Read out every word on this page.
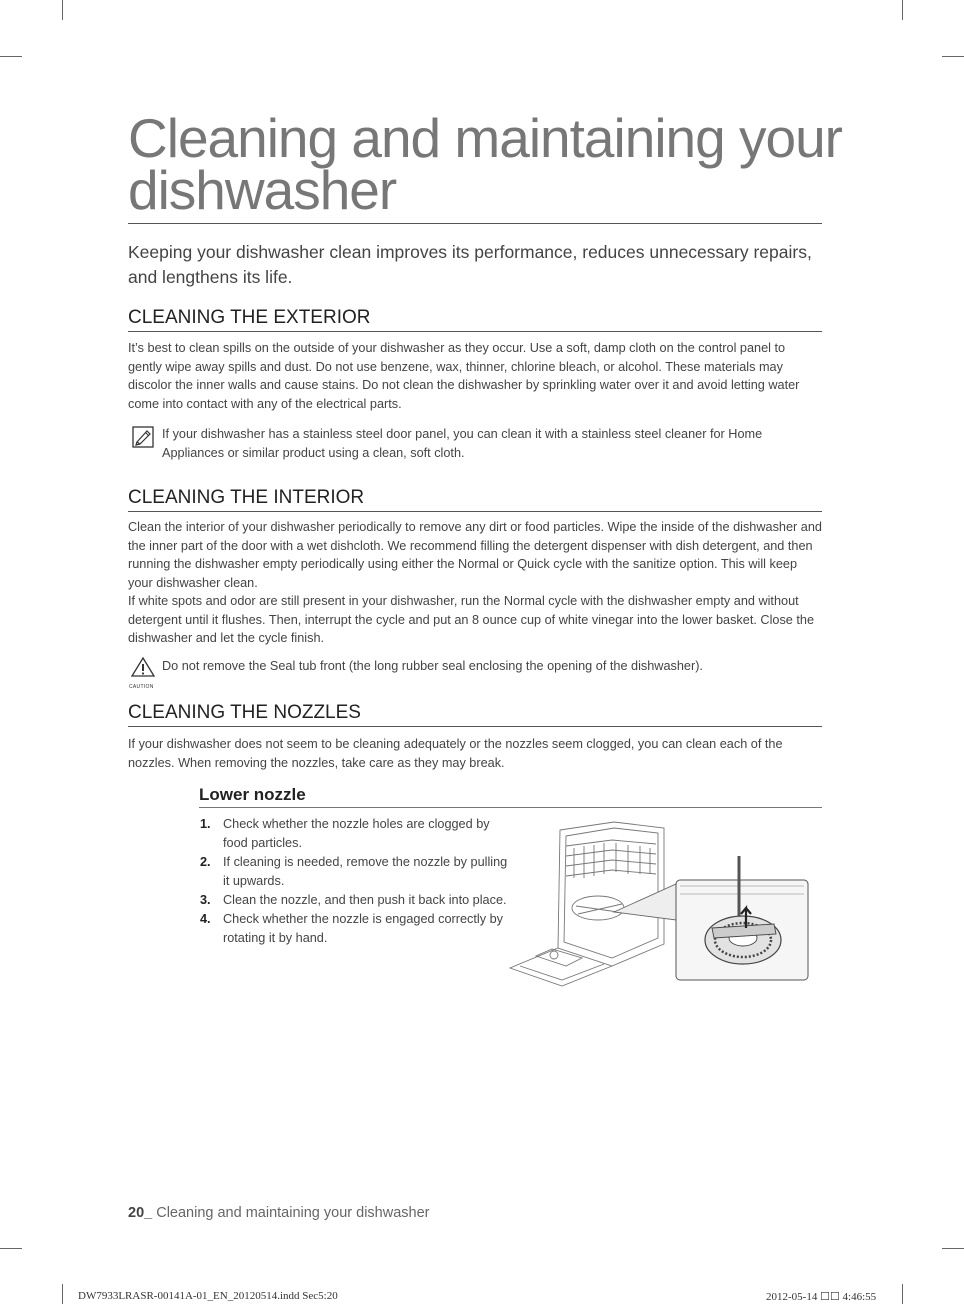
Cleaning and maintaining your
dishwasher

Keeping your dishwasher clean improves its performance, reduces unnecessary repairs, and lengthens its life.

CLEANING THE EXTERIOR

It’s best to clean spills on the outside of your dishwasher as they occur. Use a soft, damp cloth on the control panel to gently wipe away spills and dust. Do not use benzene, wax, thinner, chlorine bleach, or alcohol. These materials may discolor the inner walls and cause stains. Do not clean the dishwasher by sprinkling water over it and avoid letting water come into contact with any of the electrical parts.

If your dishwasher has a stainless steel door panel, you can clean it with a stainless steel cleaner for Home Appliances or similar product using a clean, soft cloth.
CLEANING THE INTERIOR

Clean the interior of your dishwasher periodically to remove any dirt or food particles. Wipe the inside of the dishwasher and the inner part of the door with a wet dishcloth. We recommend filling the detergent dispenser with dish detergent, and then running the dishwasher empty periodically using either the Normal or Quick cycle with the sanitize option. This will keep your dishwasher clean.

If white spots and odor are still present in your dishwasher, run the Normal cycle with the dishwasher empty and without detergent until it flushes. Then, interrupt the cycle and put an 8 ounce cup of white vinegar into the lower basket. Close the dishwasher and let the cycle finish.

CAUTION
Do not remove the Seal tub front (the long rubber seal enclosing the opening of the dishwasher).
CLEANING THE NOZZLES

If your dishwasher does not seem to be cleaning adequately or the nozzles seem clogged, you can clean each of the nozzles. When removing the nozzles, take care as they may break.

Lower nozzle
1. Check whether the nozzle holes are clogged by food particles.
2. If cleaning is needed, remove the nozzle by pulling it upwards.
3. Clean the nozzle, and then push it back into place.
4. Check whether the nozzle is engaged correctly by rotating it by hand.
20_ Cleaning and maintaining your dishwasher
DW7933LRASR-00141A-01_EN_20120514.indd Sec5:20	2012-05-14 ☐☐ 4:46:55
